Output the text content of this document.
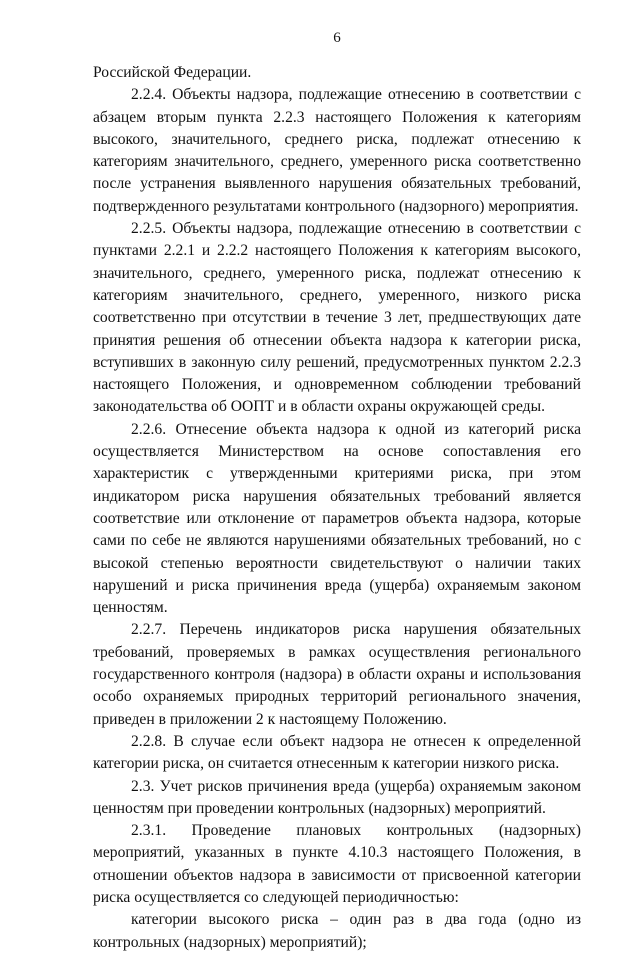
6

Российской Федерации.

2.2.4. Объекты надзора, подлежащие отнесению в соответствии с абзацем вторым пункта 2.2.3 настоящего Положения к категориям высокого, значительного, среднего риска, подлежат отнесению к категориям значительного, среднего, умеренного риска соответственно после устранения выявленного нарушения обязательных требований, подтвержденного результатами контрольного (надзорного) мероприятия.

2.2.5. Объекты надзора, подлежащие отнесению в соответствии с пунктами 2.2.1 и 2.2.2 настоящего Положения к категориям высокого, значительного, среднего, умеренного риска, подлежат отнесению к категориям значительного, среднего, умеренного, низкого риска соответственно при отсутствии в течение 3 лет, предшествующих дате принятия решения об отнесении объекта надзора к категории риска, вступивших в законную силу решений, предусмотренных пунктом 2.2.3 настоящего Положения, и одновременном соблюдении требований законодательства об ООПТ и в области охраны окружающей среды.

2.2.6. Отнесение объекта надзора к одной из категорий риска осуществляется Министерством на основе сопоставления его характеристик с утвержденными критериями риска, при этом индикатором риска нарушения обязательных требований является соответствие или отклонение от параметров объекта надзора, которые сами по себе не являются нарушениями обязательных требований, но с высокой степенью вероятности свидетельствуют о наличии таких нарушений и риска причинения вреда (ущерба) охраняемым законом ценностям.

2.2.7. Перечень индикаторов риска нарушения обязательных требований, проверяемых в рамках осуществления регионального государственного контроля (надзора) в области охраны и использования особо охраняемых природных территорий регионального значения, приведен в приложении 2 к настоящему Положению.

2.2.8. В случае если объект надзора не отнесен к определенной категории риска, он считается отнесенным к категории низкого риска.

2.3. Учет рисков причинения вреда (ущерба) охраняемым законом ценностям при проведении контрольных (надзорных) мероприятий.

2.3.1. Проведение плановых контрольных (надзорных) мероприятий, указанных в пункте 4.10.3 настоящего Положения, в отношении объектов надзора в зависимости от присвоенной категории риска осуществляется со следующей периодичностью:

категории высокого риска – один раз в два года (одно из контрольных (надзорных) мероприятий);
